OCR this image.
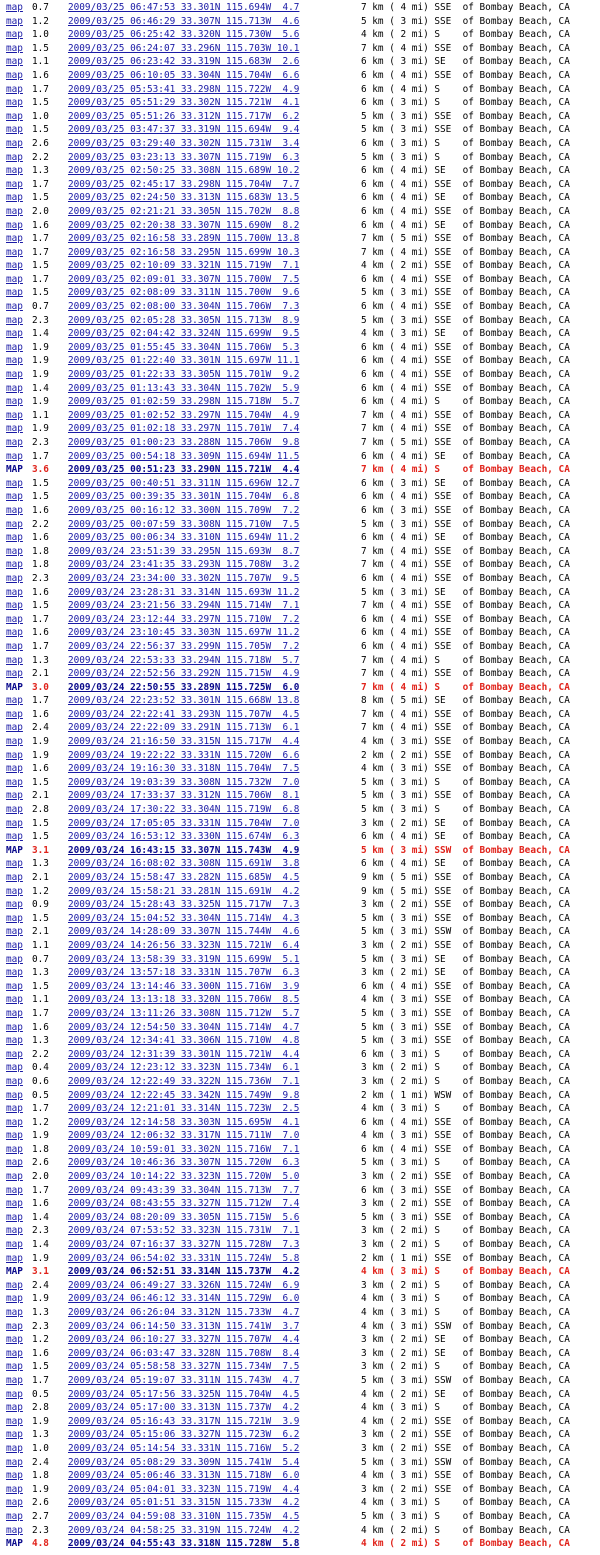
map 0.7 2009/03/25 06:47:53 33.301N 115.694W  4.7	7 km ( 4 mi) SSE  of Bombay Beach, CA
map 1.2 2009/03/25 06:46:29 33.307N 115.713W  4.6	5 km ( 3 mi) SSE  of Bombay Beach, CA
map 1.0 2009/03/25 06:25:42 33.320N 115.730W  5.6	4 km ( 2 mi) S    of Bombay Beach, CA
map 1.5 2009/03/25 06:24:07 33.296N 115.703W 10.1	7 km ( 4 mi) SSE  of Bombay Beach, CA
map 1.1 2009/03/25 06:23:42 33.319N 115.683W  2.6	6 km ( 3 mi) SE   of Bombay Beach, CA
map 1.6 2009/03/25 06:10:05 33.304N 115.704W  6.6	6 km ( 4 mi) SSE  of Bombay Beach, CA
map 1.7 2009/03/25 05:53:41 33.298N 115.722W  4.9	6 km ( 4 mi) S    of Bombay Beach, CA
map 1.5 2009/03/25 05:51:29 33.302N 115.721W  4.1	6 km ( 3 mi) S    of Bombay Beach, CA
map 1.0 2009/03/25 05:51:26 33.312N 115.717W  6.2	5 km ( 3 mi) SSE  of Bombay Beach, CA
map 1.5 2009/03/25 03:47:37 33.319N 115.694W  9.4	5 km ( 3 mi) SSE  of Bombay Beach, CA
map 2.6 2009/03/25 03:29:40 33.302N 115.731W  3.4	6 km ( 3 mi) S    of Bombay Beach, CA
map 2.2 2009/03/25 03:23:13 33.307N 115.719W  6.3	5 km ( 3 mi) S    of Bombay Beach, CA
map 1.3 2009/03/25 02:50:25 33.308N 115.689W 10.2	6 km ( 4 mi) SE   of Bombay Beach, CA
map 1.7 2009/03/25 02:45:17 33.298N 115.704W  7.7	6 km ( 4 mi) SSE  of Bombay Beach, CA
map 1.5 2009/03/25 02:24:50 33.313N 115.683W 13.5	6 km ( 4 mi) SE   of Bombay Beach, CA
map 2.0 2009/03/25 02:21:21 33.305N 115.702W  8.8	6 km ( 4 mi) SSE  of Bombay Beach, CA
map 1.6 2009/03/25 02:20:38 33.307N 115.690W  8.2	6 km ( 4 mi) SE   of Bombay Beach, CA
map 1.7 2009/03/25 02:16:58 33.289N 115.700W 13.8	7 km ( 5 mi) SSE  of Bombay Beach, CA
map 1.7 2009/03/25 02:16:58 33.295N 115.699W 10.3	7 km ( 4 mi) SSE  of Bombay Beach, CA
map 1.5 2009/03/25 02:10:09 33.321N 115.719W  7.1	4 km ( 2 mi) SSE  of Bombay Beach, CA
map 1.7 2009/03/25 02:09:01 33.307N 115.700W  7.5	6 km ( 4 mi) SSE  of Bombay Beach, CA
map 1.5 2009/03/25 02:08:09 33.311N 115.700W  9.6	5 km ( 3 mi) SSE  of Bombay Beach, CA
map 0.7 2009/03/25 02:08:00 33.304N 115.706W  7.3	6 km ( 4 mi) SSE  of Bombay Beach, CA
map 2.3 2009/03/25 02:05:28 33.305N 115.713W  8.9	5 km ( 3 mi) SSE  of Bombay Beach, CA
map 1.4 2009/03/25 02:04:42 33.324N 115.699W  9.5	4 km ( 3 mi) SE   of Bombay Beach, CA
map 1.9 2009/03/25 01:55:45 33.304N 115.706W  5.3	6 km ( 4 mi) SSE  of Bombay Beach, CA
map 1.9 2009/03/25 01:22:40 33.301N 115.697W 11.1	6 km ( 4 mi) SSE  of Bombay Beach, CA
map 1.9 2009/03/25 01:22:33 33.305N 115.701W  9.2	6 km ( 4 mi) SSE  of Bombay Beach, CA
map 1.4 2009/03/25 01:13:43 33.304N 115.702W  5.9	6 km ( 4 mi) SSE  of Bombay Beach, CA
map 1.9 2009/03/25 01:02:59 33.298N 115.718W  5.7	6 km ( 4 mi) S    of Bombay Beach, CA
map 1.1 2009/03/25 01:02:52 33.297N 115.704W  4.9	7 km ( 4 mi) SSE  of Bombay Beach, CA
map 1.9 2009/03/25 01:02:18 33.297N 115.701W  7.4	7 km ( 4 mi) SSE  of Bombay Beach, CA
map 2.3 2009/03/25 01:00:23 33.288N 115.706W  9.8	7 km ( 5 mi) SSE  of Bombay Beach, CA
map 1.7 2009/03/25 00:54:18 33.309N 115.694W 11.5	6 km ( 4 mi) SE   of Bombay Beach, CA
MAP 3.6 2009/03/25 00:51:23 33.290N 115.721W  4.4	7 km ( 4 mi) S    of Bombay Beach, CA
map 1.5 2009/03/25 00:40:51 33.311N 115.696W 12.7	6 km ( 3 mi) SE   of Bombay Beach, CA
map 1.5 2009/03/25 00:39:35 33.301N 115.704W  6.8	6 km ( 4 mi) SSE  of Bombay Beach, CA
map 1.6 2009/03/25 00:16:12 33.300N 115.709W  7.2	6 km ( 3 mi) SSE  of Bombay Beach, CA
map 2.2 2009/03/25 00:07:59 33.308N 115.710W  7.5	5 km ( 3 mi) SSE  of Bombay Beach, CA
map 1.6 2009/03/25 00:06:34 33.310N 115.694W 11.2	6 km ( 4 mi) SE   of Bombay Beach, CA
map 1.8 2009/03/24 23:51:39 33.295N 115.693W  8.7	7 km ( 4 mi) SSE  of Bombay Beach, CA
map 1.8 2009/03/24 23:41:35 33.293N 115.708W  3.2	7 km ( 4 mi) SSE  of Bombay Beach, CA
map 2.3 2009/03/24 23:34:00 33.302N 115.707W  9.5	6 km ( 4 mi) SSE  of Bombay Beach, CA
map 1.6 2009/03/24 23:28:31 33.314N 115.693W 11.2	5 km ( 3 mi) SE   of Bombay Beach, CA
map 1.5 2009/03/24 23:21:56 33.294N 115.714W  7.1	7 km ( 4 mi) SSE  of Bombay Beach, CA
map 1.7 2009/03/24 23:12:44 33.297N 115.710W  7.2	6 km ( 4 mi) SSE  of Bombay Beach, CA
map 1.6 2009/03/24 23:10:45 33.303N 115.697W 11.2	6 km ( 4 mi) SSE  of Bombay Beach, CA
map 1.7 2009/03/24 22:56:37 33.299N 115.705W  7.2	6 km ( 4 mi) SSE  of Bombay Beach, CA
map 1.3 2009/03/24 22:53:33 33.294N 115.718W  5.7	7 km ( 4 mi) S    of Bombay Beach, CA
map 2.1 2009/03/24 22:52:56 33.292N 115.715W  4.9	7 km ( 4 mi) SSE  of Bombay Beach, CA
MAP 3.0 2009/03/24 22:50:55 33.289N 115.725W  6.0	7 km ( 4 mi) S    of Bombay Beach, CA
map 1.7 2009/03/24 22:23:52 33.301N 115.668W 13.8	8 km ( 5 mi) SE   of Bombay Beach, CA
map 1.6 2009/03/24 22:22:41 33.293N 115.707W  4.5	7 km ( 4 mi) SSE  of Bombay Beach, CA
map 2.4 2009/03/24 22:22:09 33.291N 115.713W  6.1	7 km ( 4 mi) SSE  of Bombay Beach, CA
map 1.9 2009/03/24 21:16:50 33.315N 115.717W  4.4	4 km ( 3 mi) SSE  of Bombay Beach, CA
map 1.9 2009/03/24 19:22:22 33.331N 115.720W  6.6	2 km ( 2 mi) SSE  of Bombay Beach, CA
map 1.6 2009/03/24 19:16:30 33.318N 115.704W  7.5	4 km ( 3 mi) SSE  of Bombay Beach, CA
map 1.5 2009/03/24 19:03:39 33.308N 115.732W  7.0	5 km ( 3 mi) S    of Bombay Beach, CA
map 2.1 2009/03/24 17:33:37 33.312N 115.706W  8.1	5 km ( 3 mi) SSE  of Bombay Beach, CA
map 2.8 2009/03/24 17:30:22 33.304N 115.719W  6.8	5 km ( 3 mi) S    of Bombay Beach, CA
map 1.5 2009/03/24 17:05:05 33.331N 115.704W  7.0	3 km ( 2 mi) SE   of Bombay Beach, CA
map 1.5 2009/03/24 16:53:12 33.330N 115.674W  6.3	6 km ( 4 mi) SE   of Bombay Beach, CA
MAP 3.1 2009/03/24 16:43:15 33.307N 115.743W  4.9	5 km ( 3 mi) SSW  of Bombay Beach, CA
map 1.3 2009/03/24 16:08:02 33.308N 115.691W  3.8	6 km ( 4 mi) SE   of Bombay Beach, CA
map 2.1 2009/03/24 15:58:47 33.282N 115.685W  4.5	9 km ( 5 mi) SSE  of Bombay Beach, CA
map 1.2 2009/03/24 15:58:21 33.281N 115.691W  4.2	9 km ( 5 mi) SSE  of Bombay Beach, CA
map 0.9 2009/03/24 15:28:43 33.325N 115.717W  7.3	3 km ( 2 mi) SSE  of Bombay Beach, CA
map 1.5 2009/03/24 15:04:52 33.304N 115.714W  4.3	5 km ( 3 mi) SSE  of Bombay Beach, CA
map 2.1 2009/03/24 14:28:09 33.307N 115.744W  4.6	5 km ( 3 mi) SSW  of Bombay Beach, CA
map 1.1 2009/03/24 14:26:56 33.323N 115.721W  6.4	3 km ( 2 mi) SSE  of Bombay Beach, CA
map 0.7 2009/03/24 13:58:39 33.319N 115.699W  5.1	5 km ( 3 mi) SE   of Bombay Beach, CA
map 1.3 2009/03/24 13:57:18 33.331N 115.707W  6.3	3 km ( 2 mi) SE   of Bombay Beach, CA
map 1.5 2009/03/24 13:14:46 33.300N 115.716W  3.9	6 km ( 4 mi) SSE  of Bombay Beach, CA
map 1.1 2009/03/24 13:13:18 33.320N 115.706W  8.5	4 km ( 3 mi) SSE  of Bombay Beach, CA
map 1.7 2009/03/24 13:11:26 33.308N 115.712W  5.7	5 km ( 3 mi) SSE  of Bombay Beach, CA
map 1.6 2009/03/24 12:54:50 33.304N 115.714W  4.7	5 km ( 3 mi) SSE  of Bombay Beach, CA
map 1.3 2009/03/24 12:34:41 33.306N 115.710W  4.8	5 km ( 3 mi) SSE  of Bombay Beach, CA
map 2.2 2009/03/24 12:31:39 33.301N 115.721W  4.4	6 km ( 3 mi) S    of Bombay Beach, CA
map 0.4 2009/03/24 12:23:12 33.323N 115.734W  6.1	3 km ( 2 mi) S    of Bombay Beach, CA
map 0.6 2009/03/24 12:22:49 33.322N 115.736W  7.1	3 km ( 2 mi) S    of Bombay Beach, CA
map 0.5 2009/03/24 12:22:45 33.342N 115.749W  9.8	2 km ( 1 mi) WSW  of Bombay Beach, CA
map 1.7 2009/03/24 12:21:01 33.314N 115.723W  2.5	4 km ( 3 mi) S    of Bombay Beach, CA
map 1.2 2009/03/24 12:14:58 33.303N 115.695W  4.1	6 km ( 4 mi) SSE  of Bombay Beach, CA
map 1.9 2009/03/24 12:06:32 33.317N 115.711W  7.0	4 km ( 3 mi) SSE  of Bombay Beach, CA
map 1.8 2009/03/24 10:59:01 33.302N 115.716W  7.1	6 km ( 4 mi) SSE  of Bombay Beach, CA
map 2.6 2009/03/24 10:46:36 33.307N 115.720W  6.3	5 km ( 3 mi) S    of Bombay Beach, CA
map 2.0 2009/03/24 10:14:22 33.323N 115.720W  5.0	3 km ( 2 mi) SSE  of Bombay Beach, CA
map 1.7 2009/03/24 09:43:39 33.304N 115.713W  7.7	6 km ( 3 mi) SSE  of Bombay Beach, CA
map 1.6 2009/03/24 08:43:55 33.327N 115.712W  7.4	3 km ( 2 mi) SSE  of Bombay Beach, CA
map 1.4 2009/03/24 08:20:09 33.305N 115.715W  5.6	5 km ( 3 mi) SSE  of Bombay Beach, CA
map 2.3 2009/03/24 07:53:52 33.323N 115.731W  7.1	3 km ( 2 mi) S    of Bombay Beach, CA
map 1.4 2009/03/24 07:16:37 33.327N 115.728W  7.3	3 km ( 2 mi) S    of Bombay Beach, CA
map 1.9 2009/03/24 06:54:02 33.331N 115.724W  5.8	2 km ( 1 mi) SSE  of Bombay Beach, CA
MAP 3.1 2009/03/24 06:52:51 33.314N 115.737W  4.2	4 km ( 3 mi) S    of Bombay Beach, CA
map 2.4 2009/03/24 06:49:27 33.326N 115.724W  6.9	3 km ( 2 mi) S    of Bombay Beach, CA
map 1.9 2009/03/24 06:46:12 33.314N 115.729W  6.0	4 km ( 3 mi) S    of Bombay Beach, CA
map 1.3 2009/03/24 06:26:04 33.312N 115.733W  4.7	4 km ( 3 mi) S    of Bombay Beach, CA
map 2.3 2009/03/24 06:14:50 33.313N 115.741W  3.7	4 km ( 3 mi) SSW  of Bombay Beach, CA
map 1.2 2009/03/24 06:10:27 33.327N 115.707W  4.4	3 km ( 2 mi) SE   of Bombay Beach, CA
map 1.6 2009/03/24 06:03:47 33.328N 115.708W  8.4	3 km ( 2 mi) SE   of Bombay Beach, CA
map 1.5 2009/03/24 05:58:58 33.327N 115.734W  7.5	3 km ( 2 mi) S    of Bombay Beach, CA
map 1.7 2009/03/24 05:19:07 33.311N 115.743W  4.7	5 km ( 3 mi) SSW  of Bombay Beach, CA
map 0.5 2009/03/24 05:17:56 33.325N 115.704W  4.5	4 km ( 2 mi) SE   of Bombay Beach, CA
map 2.8 2009/03/24 05:17:00 33.313N 115.737W  4.2	4 km ( 3 mi) S    of Bombay Beach, CA
map 1.9 2009/03/24 05:16:43 33.317N 115.721W  3.9	4 km ( 2 mi) SSE  of Bombay Beach, CA
map 1.3 2009/03/24 05:15:06 33.327N 115.723W  6.2	3 km ( 2 mi) SSE  of Bombay Beach, CA
map 1.0 2009/03/24 05:14:54 33.331N 115.716W  5.2	3 km ( 2 mi) SSE  of Bombay Beach, CA
map 2.4 2009/03/24 05:08:29 33.309N 115.741W  5.4	5 km ( 3 mi) SSW  of Bombay Beach, CA
map 1.8 2009/03/24 05:06:46 33.313N 115.718W  6.0	4 km ( 3 mi) SSE  of Bombay Beach, CA
map 1.9 2009/03/24 05:04:01 33.323N 115.719W  4.4	3 km ( 2 mi) SSE  of Bombay Beach, CA
map 2.6 2009/03/24 05:01:51 33.315N 115.733W  4.2	4 km ( 3 mi) S    of Bombay Beach, CA
map 2.7 2009/03/24 04:59:08 33.310N 115.735W  4.5	5 km ( 3 mi) S    of Bombay Beach, CA
map 2.3 2009/03/24 04:58:25 33.319N 115.724W  4.2	4 km ( 2 mi) S    of Bombay Beach, CA
MAP 4.8 2009/03/24 04:55:43 33.318N 115.728W  5.8	4 km ( 2 mi) S    of Bombay Beach, CA
